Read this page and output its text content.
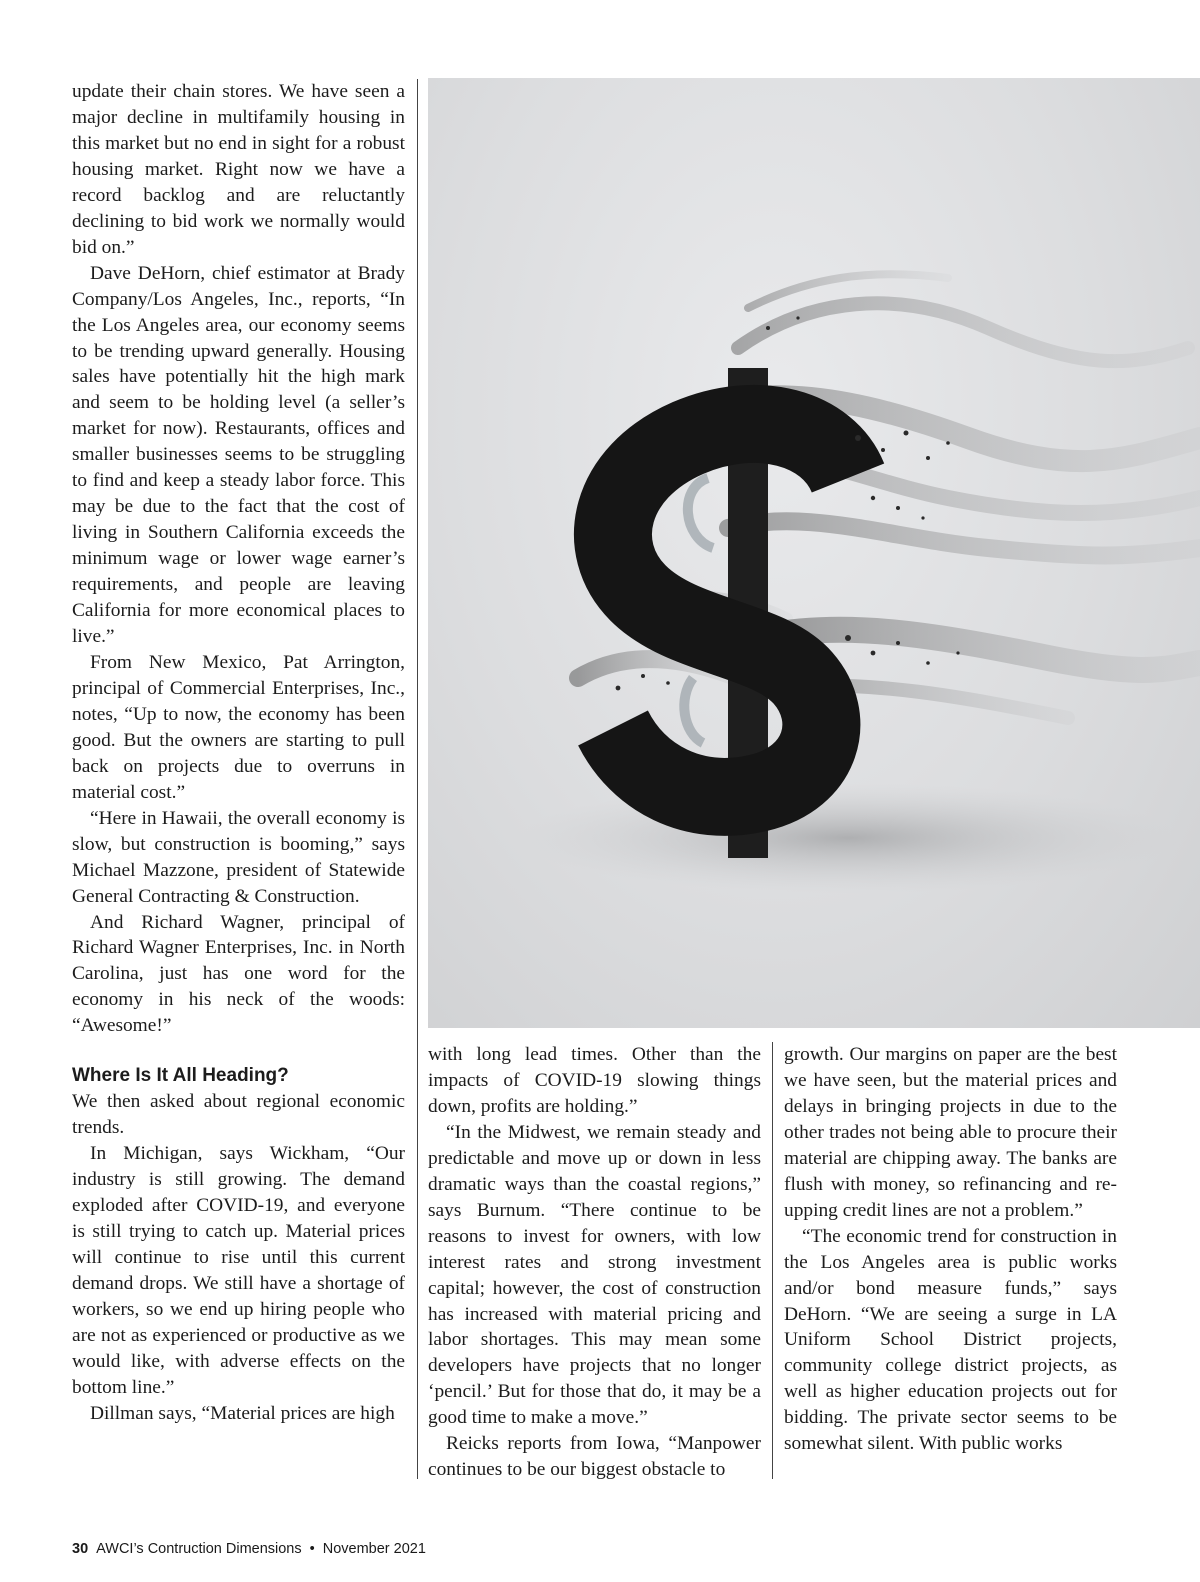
update their chain stores. We have seen a major decline in multifamily housing in this market but no end in sight for a robust housing market. Right now we have a record backlog and are reluctantly declining to bid work we normally would bid on.”

Dave DeHorn, chief estimator at Brady Company/Los Angeles, Inc., reports, “In the Los Angeles area, our economy seems to be trending upward generally. Housing sales have potentially hit the high mark and seem to be holding level (a seller’s market for now). Restaurants, offices and smaller businesses seems to be struggling to find and keep a steady labor force. This may be due to the fact that the cost of living in Southern California exceeds the minimum wage or lower wage earner’s requirements, and people are leaving California for more economical places to live.”

From New Mexico, Pat Arrington, principal of Commercial Enterprises, Inc., notes, “Up to now, the economy has been good. But the owners are starting to pull back on projects due to overruns in material cost.”

“Here in Hawaii, the overall economy is slow, but construction is booming,” says Michael Mazzone, president of Statewide General Contracting & Construction.

And Richard Wagner, principal of Richard Wagner Enterprises, Inc. in North Carolina, just has one word for the economy in his neck of the woods: “Awesome!”

Where Is It All Heading?

We then asked about regional economic trends.

In Michigan, says Wickham, “Our industry is still growing. The demand exploded after COVID-19, and everyone is still trying to catch up. Material prices will continue to rise until this current demand drops. We still have a shortage of workers, so we end up hiring people who are not as experienced or productive as we would like, with adverse effects on the bottom line.”

Dillman says, “Material prices are high

$

with long lead times. Other than the impacts of COVID-19 slowing things down, profits are holding.”

“In the Midwest, we remain steady and predictable and move up or down in less dramatic ways than the coastal regions,” says Burnum. “There continue to be reasons to invest for owners, with low interest rates and strong investment capital; however, the cost of construction has increased with material pricing and labor shortages. This may mean some developers have projects that no longer ‘pencil.’ But for those that do, it may be a good time to make a move.”

Reicks reports from Iowa, “Manpower continues to be our biggest obstacle to

growth. Our margins on paper are the best we have seen, but the material prices and delays in bringing projects in due to the other trades not being able to procure their material are chipping away. The banks are flush with money, so refinancing and re-upping credit lines are not a problem.”

“The economic trend for construction in the Los Angeles area is public works and/or bond measure funds,” says DeHorn. “We are seeing a surge in LA Uniform School District projects, community college district projects, as well as higher education projects out for bidding. The private sector seems to be somewhat silent. With public works

30 AWCI’s Contruction Dimensions • November 2021
